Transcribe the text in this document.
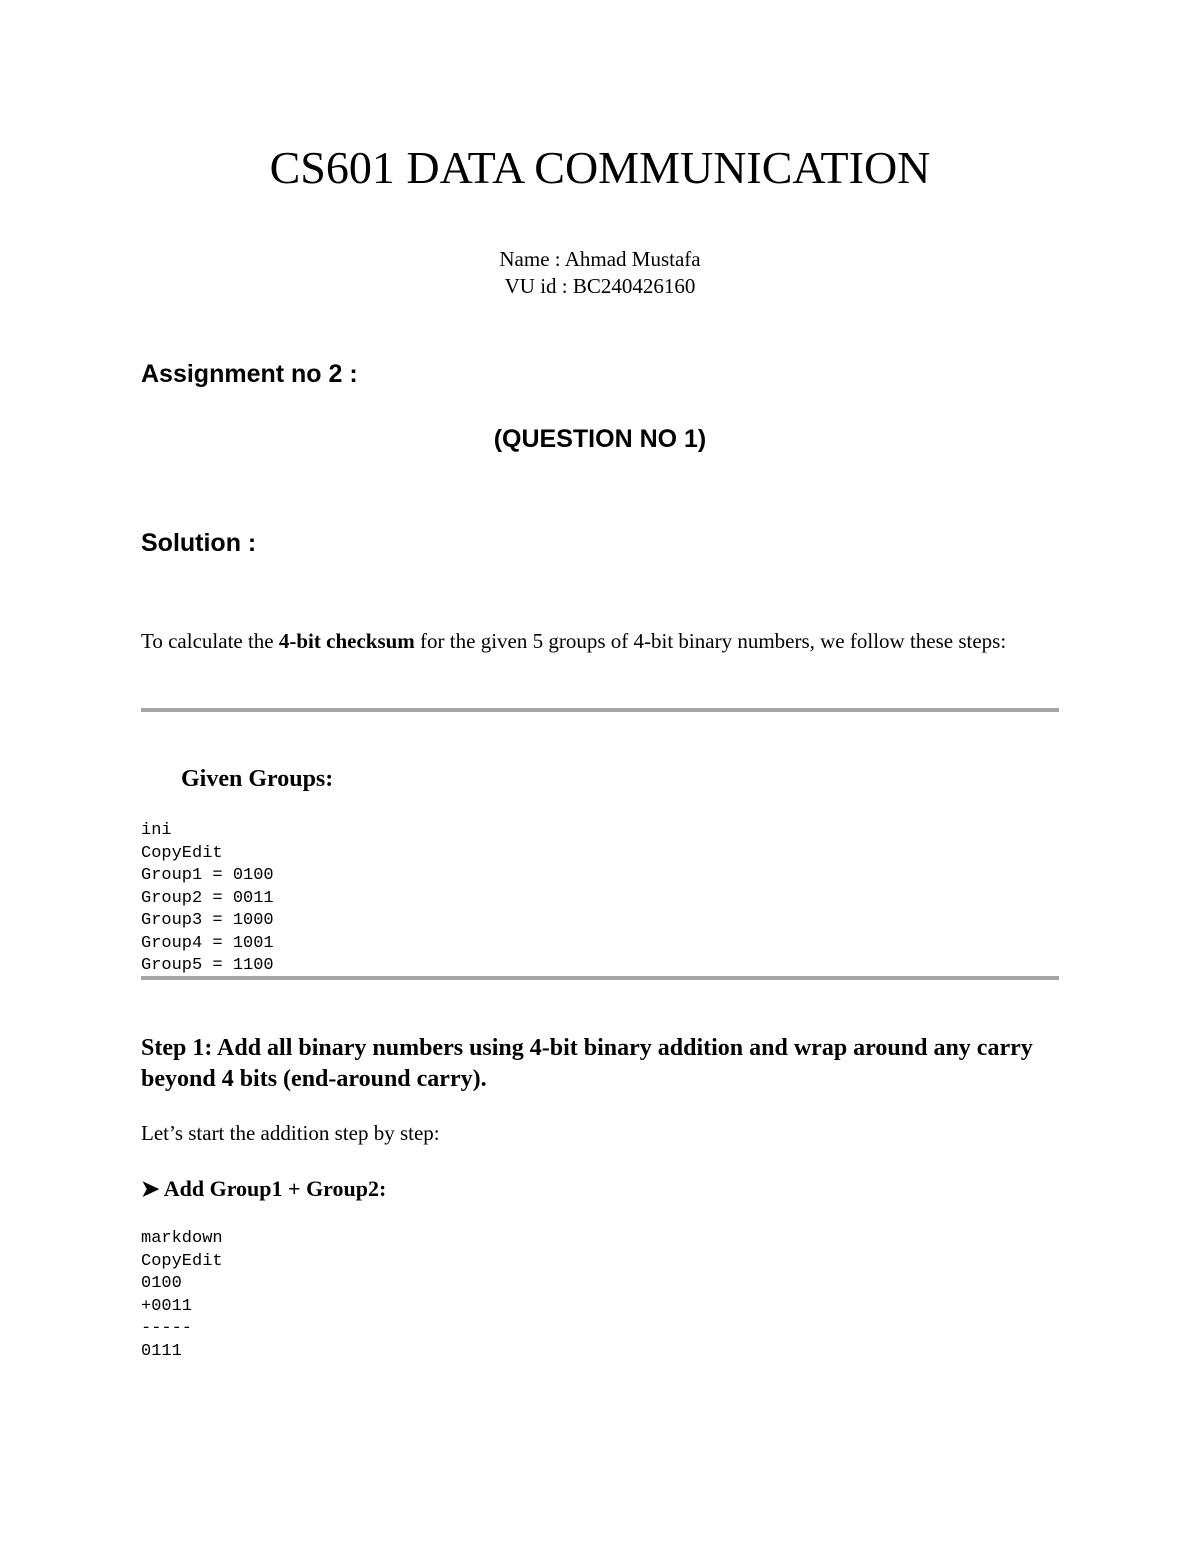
CS601 DATA COMMUNICATION
Name : Ahmad Mustafa
VU id : BC240426160
Assignment no 2 :
(QUESTION NO 1)
Solution :
To calculate the 4-bit checksum for the given 5 groups of 4-bit binary numbers, we follow these steps:
Given Groups:
ini
CopyEdit
Group1 = 0100
Group2 = 0011
Group3 = 1000
Group4 = 1001
Group5 = 1100
Step 1: Add all binary numbers using 4-bit binary addition and wrap around any carry beyond 4 bits (end-around carry).
Let’s start the addition step by step:
➤ Add Group1 + Group2:
markdown
CopyEdit
0100
+0011
-----
0111
